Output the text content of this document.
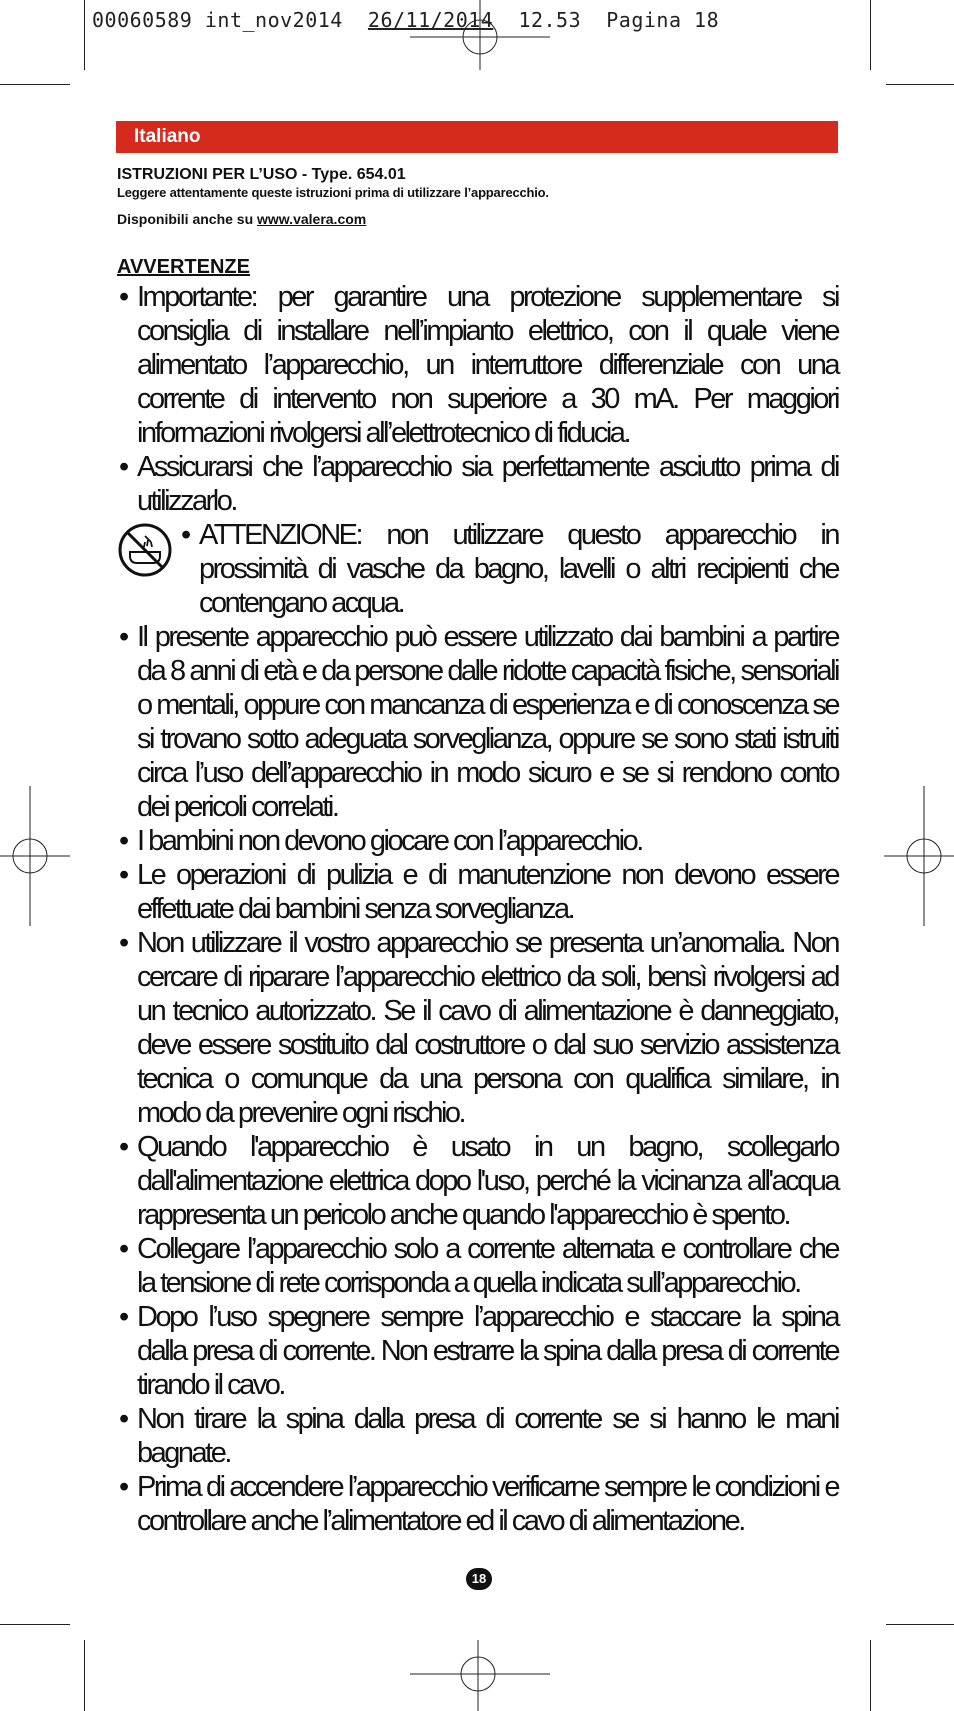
00060589 int_nov2014 26/11/2014 12.53 Pagina 18
Italiano
ISTRUZIONI PER L’USO - Type. 654.01
Leggere attentamente queste istruzioni prima di utilizzare l’apparecchio.
Disponibili anche su www.valera.com
AVVERTENZE
• Importante: per garantire una protezione supplementare si consiglia di installare nell’impianto elettrico, con il quale viene alimentato l’apparecchio, un interruttore differenziale con una corrente di intervento non superiore a 30 mA. Per maggiori informazioni rivolgersi all’elettrotecnico di fiducia.
• Assicurarsi che l’apparecchio sia perfettamente asciutto prima di utilizzarlo.
• ATTENZIONE: non utilizzare questo apparecchio in prossimità di vasche da bagno, lavelli o altri recipienti che contengano acqua.
• Il presente apparecchio può essere utilizzato dai bambini a partire da 8 anni di età e da persone dalle ridotte capacità fisiche, sensoriali o mentali, oppure con mancanza di esperienza e di conoscenza se si trovano sotto adeguata sorveglianza, oppure se sono stati istruiti circa l’uso dell’apparecchio in modo sicuro e se si rendono conto dei pericoli correlati.
• I bambini non devono giocare con l’apparecchio.
• Le operazioni di pulizia e di manutenzione non devono essere effettuate dai bambini senza sorveglianza.
• Non utilizzare il vostro apparecchio se presenta un’anomalia. Non cercare di riparare l’apparecchio elettrico da soli, bensì rivolgersi ad un tecnico autorizzato. Se il cavo di alimentazione è danneggiato, deve essere sostituito dal costruttore o dal suo servizio assistenza tecnica o comunque da una persona con qualifica similare, in modo da prevenire ogni rischio.
• Quando l'apparecchio è usato in un bagno, scollegarlo dall'alimentazione elettrica dopo l'uso, perché la vicinanza all'acqua rappresenta un pericolo anche quando l'apparecchio è spento.
• Collegare l’apparecchio solo a corrente alternata e controllare che la tensione di rete corrisponda a quella indicata sull’apparecchio.
• Dopo l’uso spegnere sempre l’apparecchio e staccare la spina dalla presa di corrente. Non estrarre la spina dalla presa di corrente tirando il cavo.
• Non tirare la spina dalla presa di corrente se si hanno le mani bagnate.
• Prima di accendere l’apparecchio verificarne sempre le condizioni e controllare anche l’alimentatore ed il cavo di alimentazione.
18
